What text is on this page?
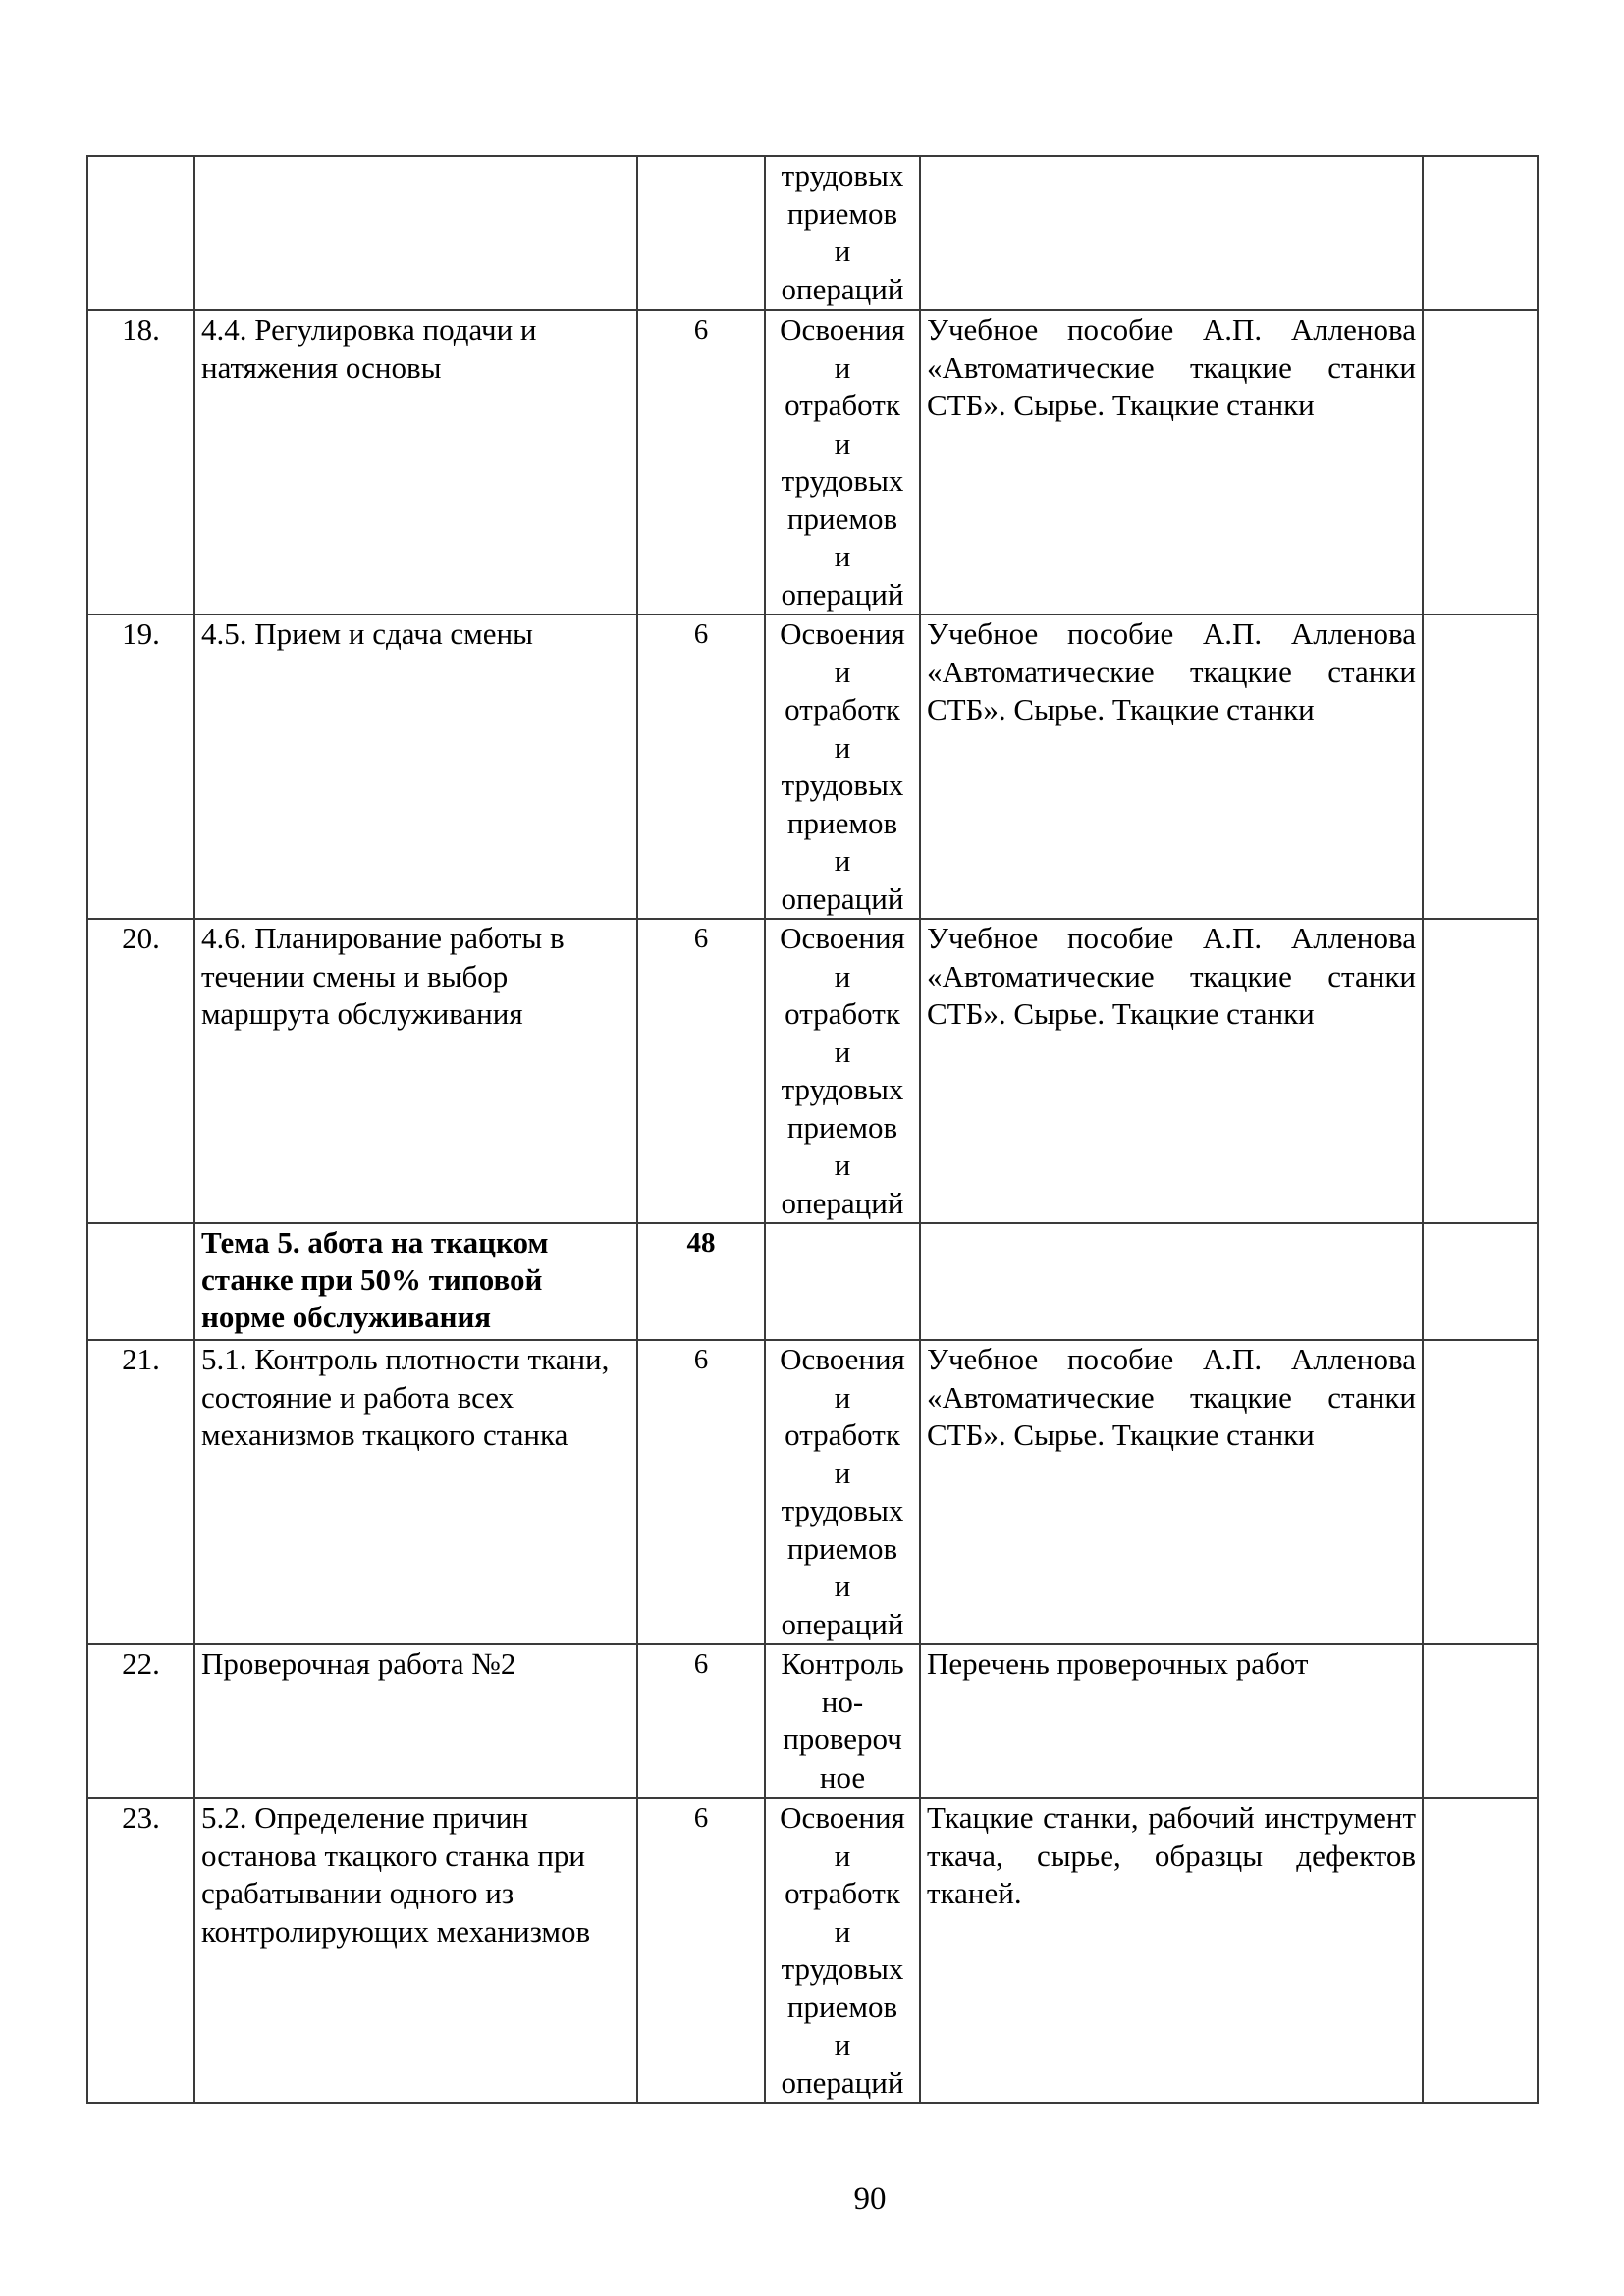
			трудовых
приемов
и
операций		

18.	4.4. Регулировка подачи и натяжения основы	6	Освоения
и
отработк
и
трудовых
приемов
и
операций
	Учебное пособие А.П. Алленова «Автоматические ткацкие станки СТБ». Сырье. Ткацкие станки	
19.	4.5. Прием и сдача смены	6	Освоения
и
отработк
и
трудовых
приемов
и
операций
	Учебное пособие А.П. Алленова «Автоматические ткацкие станки СТБ». Сырье. Ткацкие станки	
20.	4.6. Планирование работы в течении смены и выбор маршрута обслуживания	6	Освоения
и
отработк
и
трудовых
приемов
и
операций
	Учебное пособие А.П. Алленова «Автоматические ткацкие станки СТБ». Сырье. Ткацкие станки	
	Тема 5. абота на ткацком станке при 50% типовой норме обслуживания	48			
21.	5.1. Контроль плотности ткани, состояние и работа всех механизмов ткацкого станка	6	Освоения
и
отработк
и
трудовых
приемов
и
операций
	Учебное пособие А.П. Алленова «Автоматические ткацкие станки СТБ». Сырье. Ткацкие станки	
22.	Проверочная работа №2	6	Контроль
но-
провероч
ное	Перечень проверочных работ	
23.	5.2. Определение причин останова ткацкого станка при срабатывании одного из контролирующих механизмов	6	Освоения
и
отработк
и
трудовых
приемов
и
операций
	Ткацкие станки, рабочий инструмент ткача, сырье, образцы дефектов тканей.	
90
